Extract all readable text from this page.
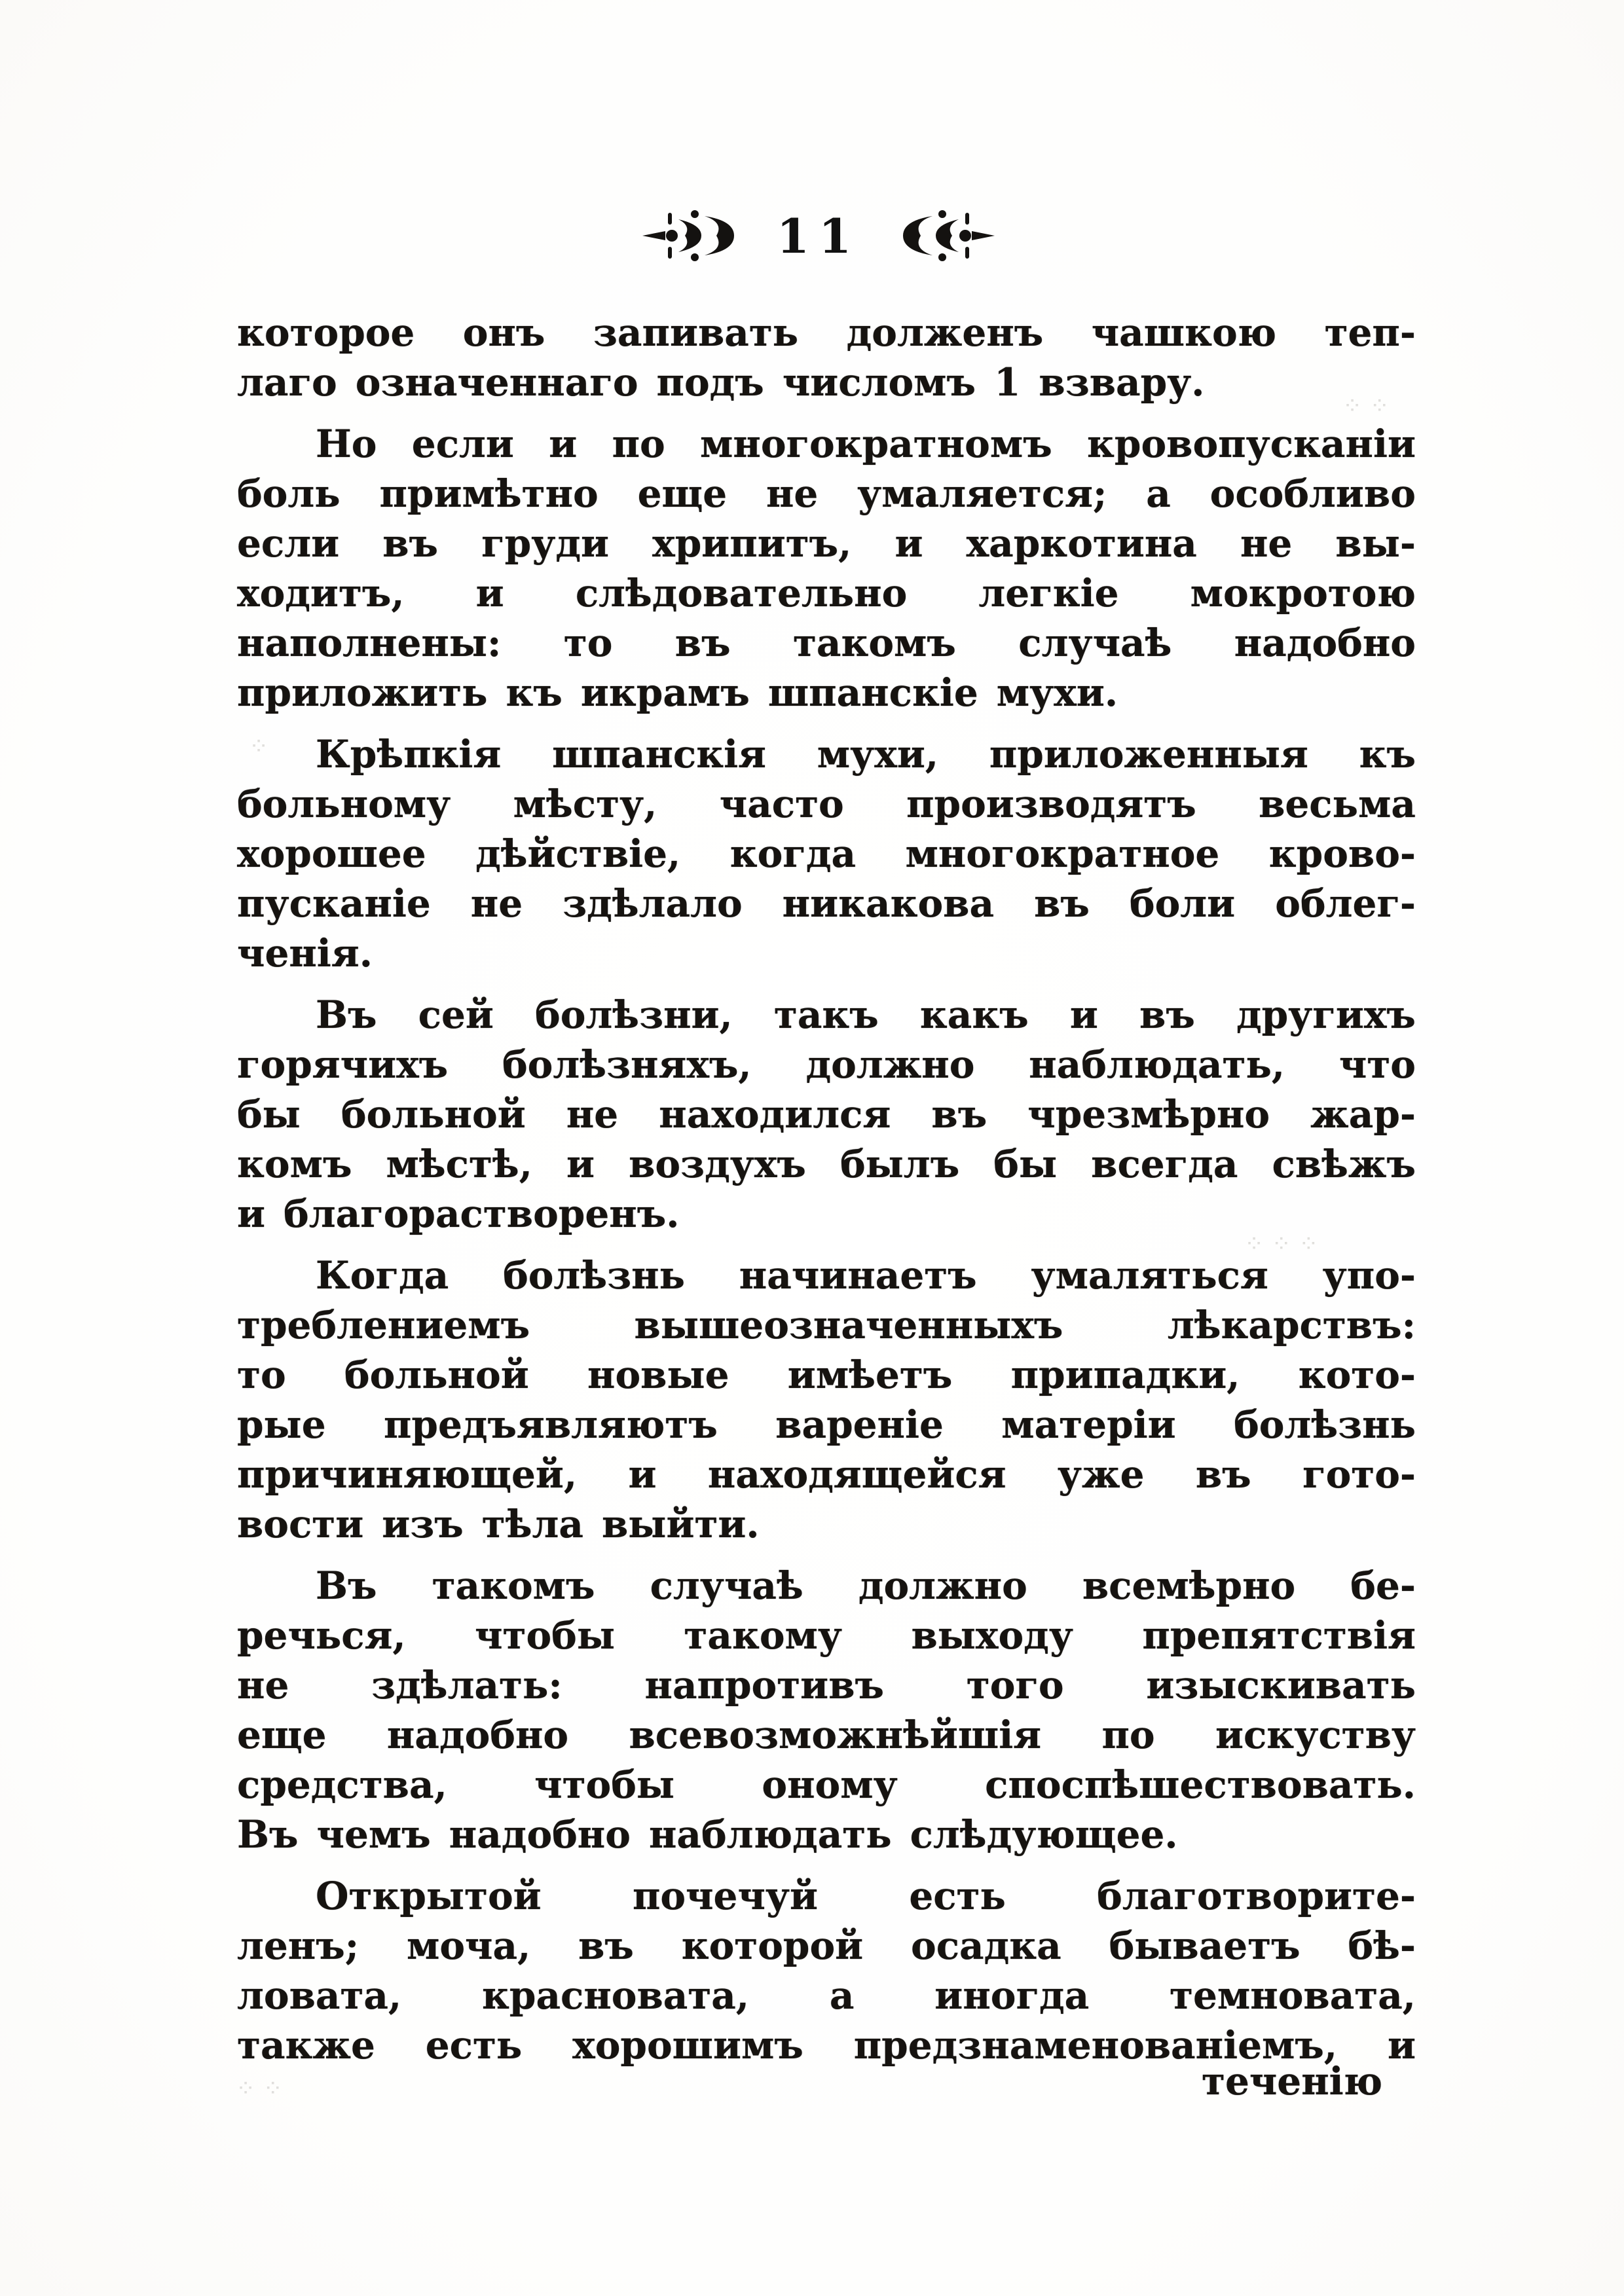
11
которое онъ запивать долженъ чашкою теп-
лаго означеннаго подъ числомъ 1 взвару.
Но если и по многократномъ кровопусканiи
боль примѣтно еще не умаляется; а особливо
если въ груди хрипитъ, и харкотина не вы-
ходитъ, и слѣдовательно легкiе мокротою
наполнены: то въ такомъ случаѣ надобно
приложить къ икрамъ шпанскiе мухи.
Крѣпкiя шпанскiя мухи, приложенныя къ
больному мѣсту, часто производятъ весьма
хорошее дѣйствiе, когда многократное крово-
пусканiе не здѣлало никакова въ боли облег-
ченiя.
Въ сей болѣзни, такъ какъ и въ другихъ
горячихъ болѣзняхъ, должно наблюдать, что
бы больной не находился въ чрезмѣрно жар-
комъ мѣстѣ, и воздухъ былъ бы всегда свѣжъ
и благорастворенъ.
Когда болѣзнь начинаетъ умаляться упо-
треблениемъ	вышеозначенныхъ	лѣкарствъ:
то больной новые имѣетъ припадки, кото-
рые предъявляютъ варенiе матерiи болѣзнь
причиняющей, и находящейся уже въ гото-
вости изъ тѣла выйти.
Въ такомъ случаѣ должно всемѣрно бе-
речься, чтобы такому выходу препятствiя
не здѣлать: напротивъ того изыскивать
еще надобно всевозможнѣйшiя по искуству
средства, чтобы оному споспѣшествовать.
Въ чемъ надобно наблюдать слѣдующее.
Открытой почечуй есть благотворите-
ленъ; моча, въ которой осадка бываетъ бѣ-
ловата, красновата, а иногда темновата,
также есть хорошимъ предзнаменованiемъ, и
теченiю
⁘ ⁘
⁘
⁘ ⁘ ⁘
⁘ ⁘
